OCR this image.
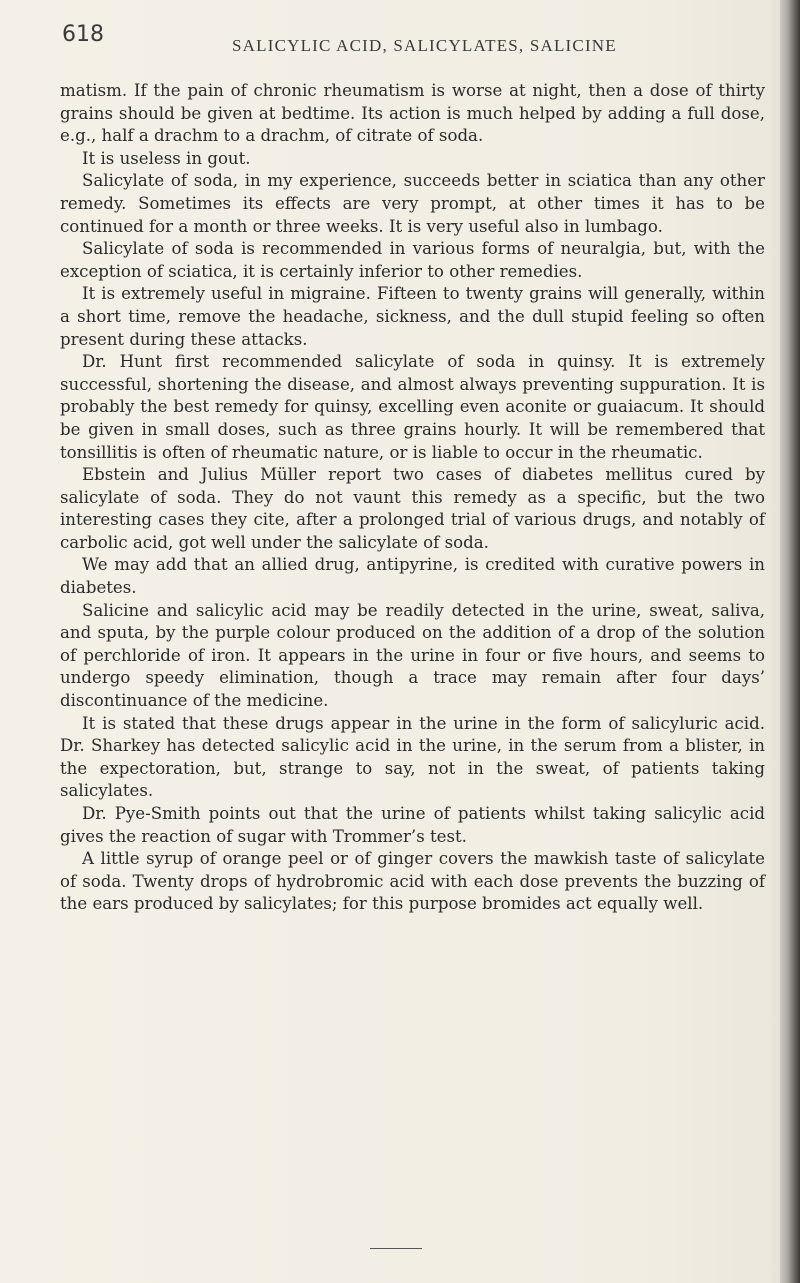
618	SALICYLIC ACID, SALICYLATES, SALICINE

matism. If the pain of chronic rheumatism is worse at night, then a dose of thirty grains should be given at bedtime. Its action is much helped by adding a full dose, e.g., half a drachm to a drachm, of citrate of soda.

It is useless in gout.

Salicylate of soda, in my experience, succeeds better in sciatica than any other remedy. Sometimes its effects are very prompt, at other times it has to be continued for a month or three weeks. It is very useful also in lumbago.

Salicylate of soda is recommended in various forms of neuralgia, but, with the exception of sciatica, it is certainly inferior to other remedies.

It is extremely useful in migraine. Fifteen to twenty grains will generally, within a short time, remove the headache, sickness, and the dull stupid feeling so often present during these attacks.

Dr. Hunt first recommended salicylate of soda in quinsy. It is extremely successful, shortening the disease, and almost always preventing suppuration. It is probably the best remedy for quinsy, excelling even aconite or guaiacum. It should be given in small doses, such as three grains hourly. It will be remembered that tonsillitis is often of rheumatic nature, or is liable to occur in the rheumatic.

Ebstein and Julius Müller report two cases of diabetes mellitus cured by salicylate of soda. They do not vaunt this remedy as a specific, but the two interesting cases they cite, after a prolonged trial of various drugs, and notably of carbolic acid, got well under the salicylate of soda.

We may add that an allied drug, antipyrine, is credited with curative powers in diabetes.

Salicine and salicylic acid may be readily detected in the urine, sweat, saliva, and sputa, by the purple colour produced on the addition of a drop of the solution of perchloride of iron. It appears in the urine in four or five hours, and seems to undergo speedy elimination, though a trace may remain after four days’ discontinuance of the medicine.

It is stated that these drugs appear in the urine in the form of salicyluric acid. Dr. Sharkey has detected salicylic acid in the urine, in the serum from a blister, in the expectoration, but, strange to say, not in the sweat, of patients taking salicylates.

Dr. Pye-Smith points out that the urine of patients whilst taking salicylic acid gives the reaction of sugar with Trommer’s test.

A little syrup of orange peel or of ginger covers the mawkish taste of salicylate of soda. Twenty drops of hydrobromic acid with each dose prevents the buzzing of the ears produced by salicylates; for this purpose bromides act equally well.
